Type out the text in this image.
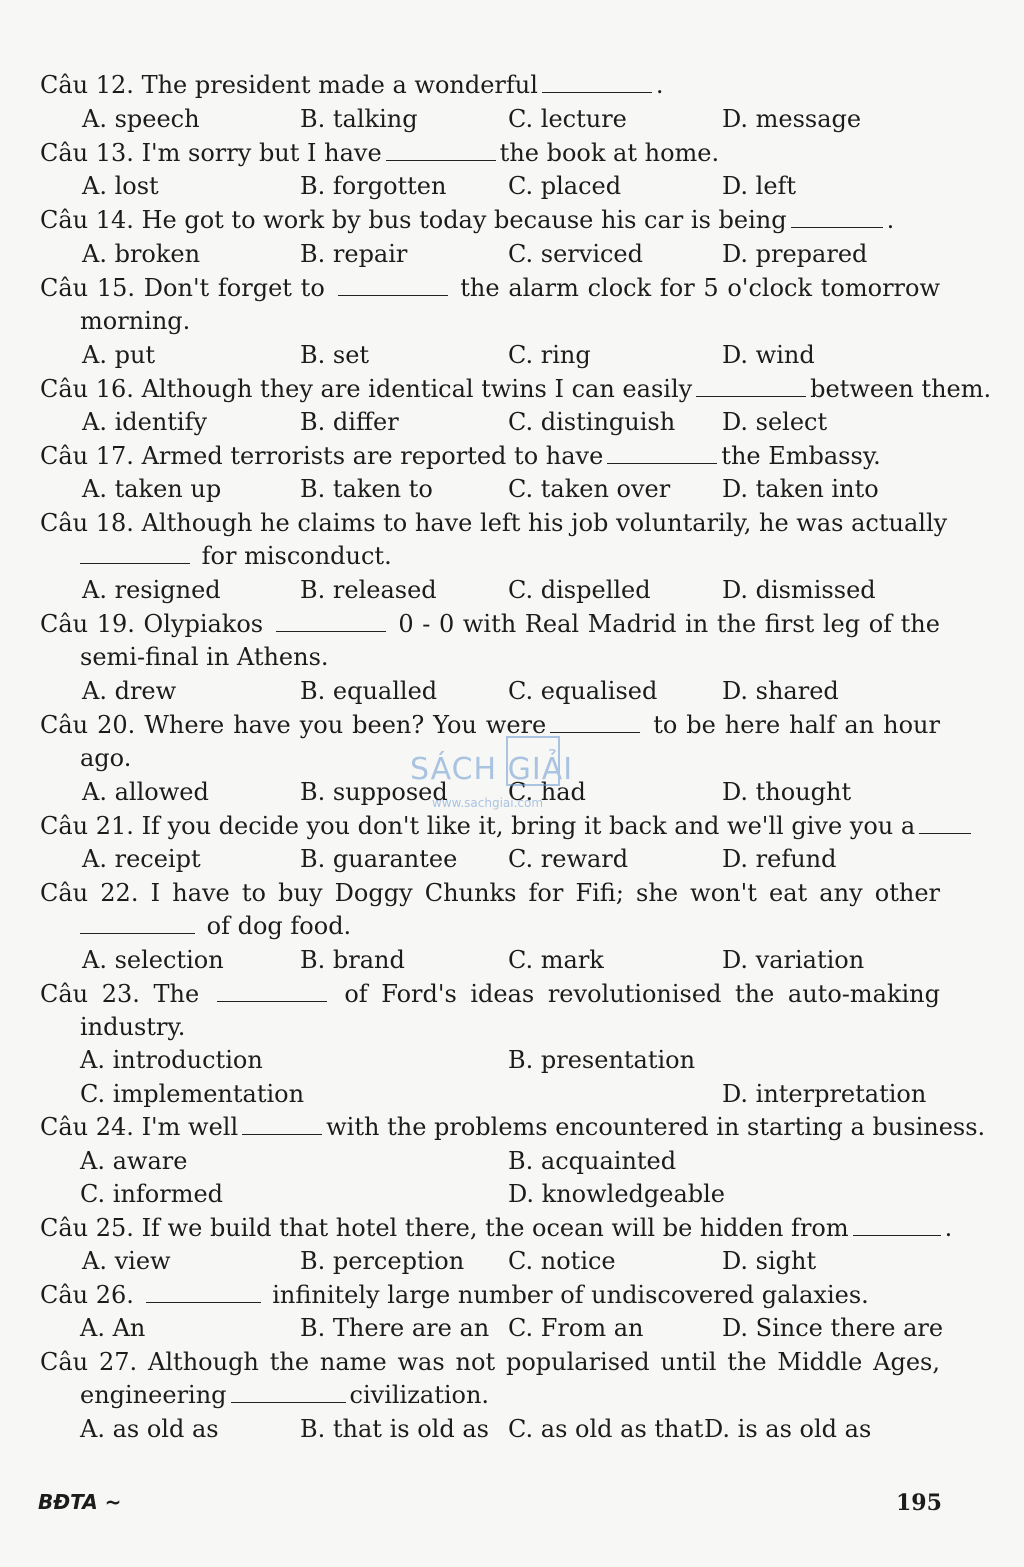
Câu 12. The president made a wonderful	.
A. speech	B. talking	C. lecture	D. message
Câu 13. I'm sorry but I have	the book at home.
A. lost	B. forgotten	C. placed	D. left
Câu 14. He got to work by bus today because his car is being	.
A. broken	B. repair	C. serviced	D. prepared
Câu 15. Don't forget to	the alarm clock for 5 o'clock tomorrow
morning.
A. put	B. set	C. ring	D. wind
Câu 16. Although they are identical twins I can easily	between them.
A. identify	B. differ	C. distinguish D. select
Câu 17. Armed terrorists are reported to have	the Embassy.
A. taken up	B. taken to	C. taken over D. taken into
Câu 18. Although he claims to have left his job voluntarily, he was actually
for misconduct.
A. resigned	B. released	C. dispelled	D. dismissed
Câu 19. Olypiakos	0 - 0 with Real Madrid in the first leg of the
semi-final in Athens.
A. drew	B. equalled	C. equalised	D. shared
Câu 20. Where have you been? You were	to be here half an hour
ago.
A. allowed	B. supposed	C. had	D. thought
Câu 21. If you decide you don't like it, bring it back and we'll give you a
A. receipt	B. guarantee C. reward	D. refund
Câu 22. I have to buy Doggy Chunks for Fifi; she won't eat any other
of dog food.
A. selection	B. brand	C. mark	D. variation
Câu 23. The	of Ford's ideas revolutionised the auto-making
industry.
A. introduction	B. presentation
C. implementation	D. interpretation
Câu 24. I'm well	with the problems encountered in starting a business.
A. aware	B. acquainted
C. informed	D. knowledgeable
Câu 25. If we build that hotel there, the ocean will be hidden from	.
A. view	B. perception C. notice	D. sight
Câu 26.	infinitely large number of undiscovered galaxies.
A. An	B. There are an C. From an	D. Since there are
Câu 27. Although the name was not popularised until the Middle Ages,
engineering	civilization.
A. as old as	B. that is old as C. as old as that D. is as old as
SÁCH GIẢI
www.sachgiai.com
BĐTA ~	195
